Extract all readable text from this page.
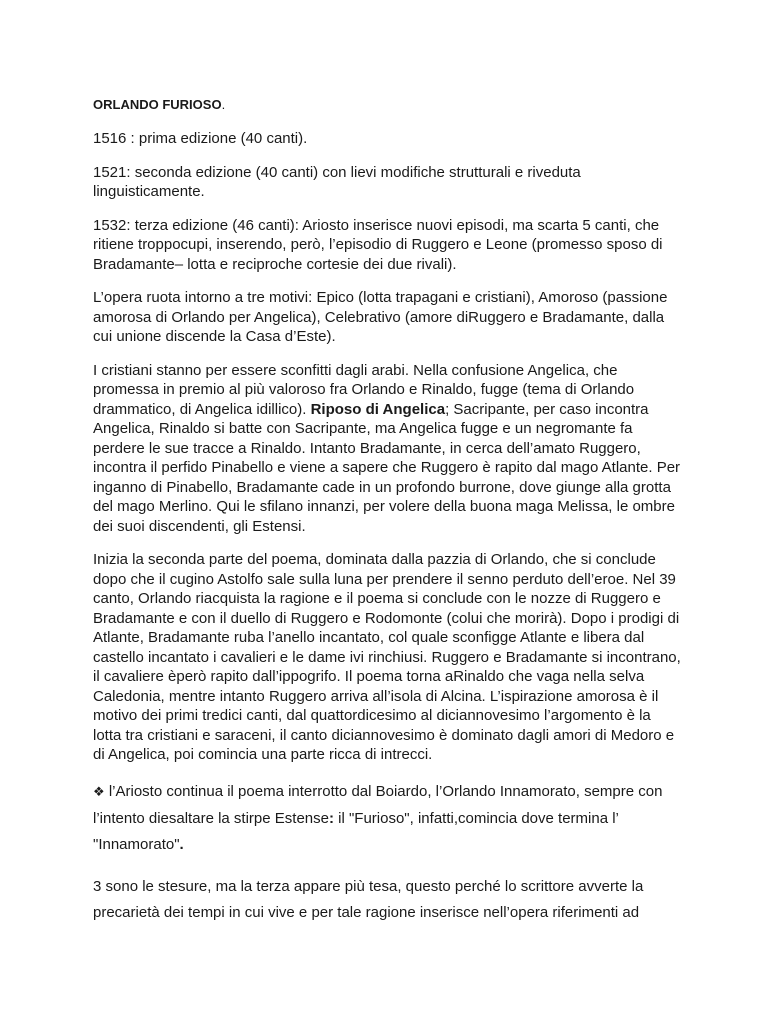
ORLANDO FURIOSO.

1516 : prima edizione (40 canti).

1521: seconda edizione (40 canti) con lievi modifiche strutturali e riveduta linguisticamente.

1532: terza edizione (46 canti): Ariosto inserisce nuovi episodi, ma scarta 5 canti, che ritiene troppocupi, inserendo, però, l’episodio di Ruggero e Leone (promesso sposo di Bradamante– lotta e reciproche cortesie dei due rivali).

L’opera ruota intorno a tre motivi: Epico (lotta trapagani e cristiani), Amoroso (passione amorosa di Orlando per Angelica), Celebrativo (amore diRuggero e Bradamante, dalla cui unione discende la Casa d’Este).

I cristiani stanno per essere sconfitti dagli arabi. Nella confusione Angelica, che promessa in premio al più valoroso fra Orlando e Rinaldo, fugge (tema di Orlando drammatico, di Angelica idillico). Riposo di Angelica; Sacripante, per caso incontra Angelica, Rinaldo si batte con Sacripante, ma Angelica fugge e un negromante fa perdere le sue tracce a Rinaldo. Intanto Bradamante, in cerca dell’amato Ruggero, incontra il perfido Pinabello e viene a sapere che Ruggero è rapito dal mago Atlante. Per inganno di Pinabello, Bradamante cade in un profondo burrone, dove giunge alla grotta del mago Merlino. Qui le sfilano innanzi, per volere della buona maga Melissa, le ombre dei suoi discendenti, gli Estensi.

Inizia la seconda parte del poema, dominata dalla pazzia di Orlando, che si conclude dopo che il cugino Astolfo sale sulla luna per prendere il senno perduto dell’eroe. Nel 39 canto, Orlando riacquista la ragione e il poema si conclude con le nozze di Ruggero e Bradamante e con il duello di Ruggero e Rodomonte (colui che morirà). Dopo i prodigi di Atlante, Bradamante ruba l’anello incantato, col quale sconfigge Atlante e libera dal castello incantato i cavalieri e le dame ivi rinchiusi. Ruggero e Bradamante si incontrano, il cavaliere èperò rapito dall’ippogrifo. Il poema torna aRinaldo che vaga nella selva Caledonia, mentre intanto Ruggero arriva all’isola di Alcina. L’ispirazione amorosa è il motivo dei primi tredici canti, dal quattordicesimo al diciannovesimo l’argomento è la lotta tra cristiani e saraceni, il canto diciannovesimo è dominato dagli amori di Medoro e di Angelica, poi comincia una parte ricca di intrecci.

❖ l’Ariosto continua il poema interrotto dal Boiardo, l’Orlando Innamorato, sempre con l’intento diesaltare la stirpe Estense: il "Furioso", infatti,comincia dove termina l’ "Innamorato".

3 sono le stesure, ma la terza appare più tesa, questo perché lo scrittore avverte la precarietà dei tempi in cui vive e per tale ragione inserisce nell’opera riferimenti ad
